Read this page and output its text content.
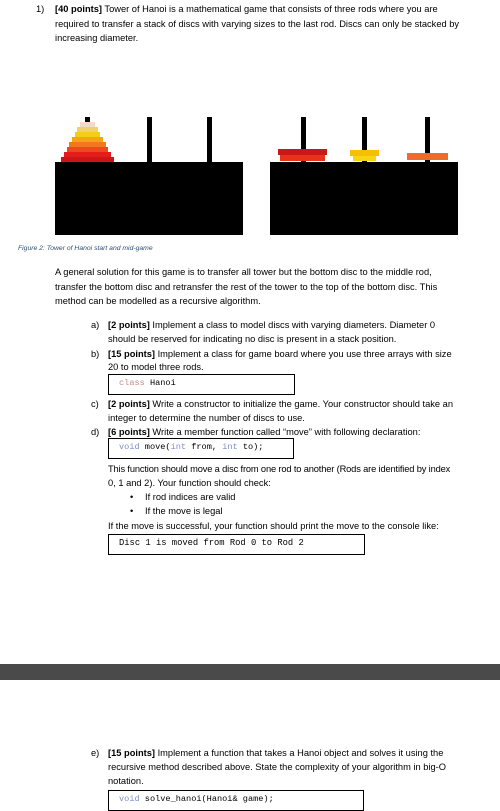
1) [40 points] Tower of Hanoi is a mathematical game that consists of three rods where you are
required to transfer a stack of discs with varying sizes to the last rod. Discs can only be stacked by
increasing diameter.
Figure 2: Tower of Hanoi start and mid-game
A general solution for this game is to transfer all tower but the bottom disc to the middle rod,
transfer the bottom disc and retransfer the rest of the tower to the top of the bottom disc. This
method can be modelled as a recursive algorithm.
a) [2 points] Implement a class to model discs with varying diameters. Diameter 0
should be reserved for indicating no disc is present in a stack position.
b) [15 points] Implement a class for game board where you use three arrays with size
20 to model three rods.
class Hanoi
c) [2 points] Write a constructor to initialize the game. Your constructor should take an
integer to determine the number of discs to use.
d) [6 points] Write a member function called “move” with following declaration:
void move(int from, int to);
This function should move a disc from one rod to another (Rods are identified by index
0, 1 and 2). Your function should check:
• If rod indices are valid
• If the move is legal
If the move is successful, your function should print the move to the console like:
Disc 1 is moved from Rod 0 to Rod 2
e) [15 points] Implement a function that takes a Hanoi object and solves it using the
recursive method described above. State the complexity of your algorithm in big-O
notation.
void solve_hanoi(Hanoi& game);
